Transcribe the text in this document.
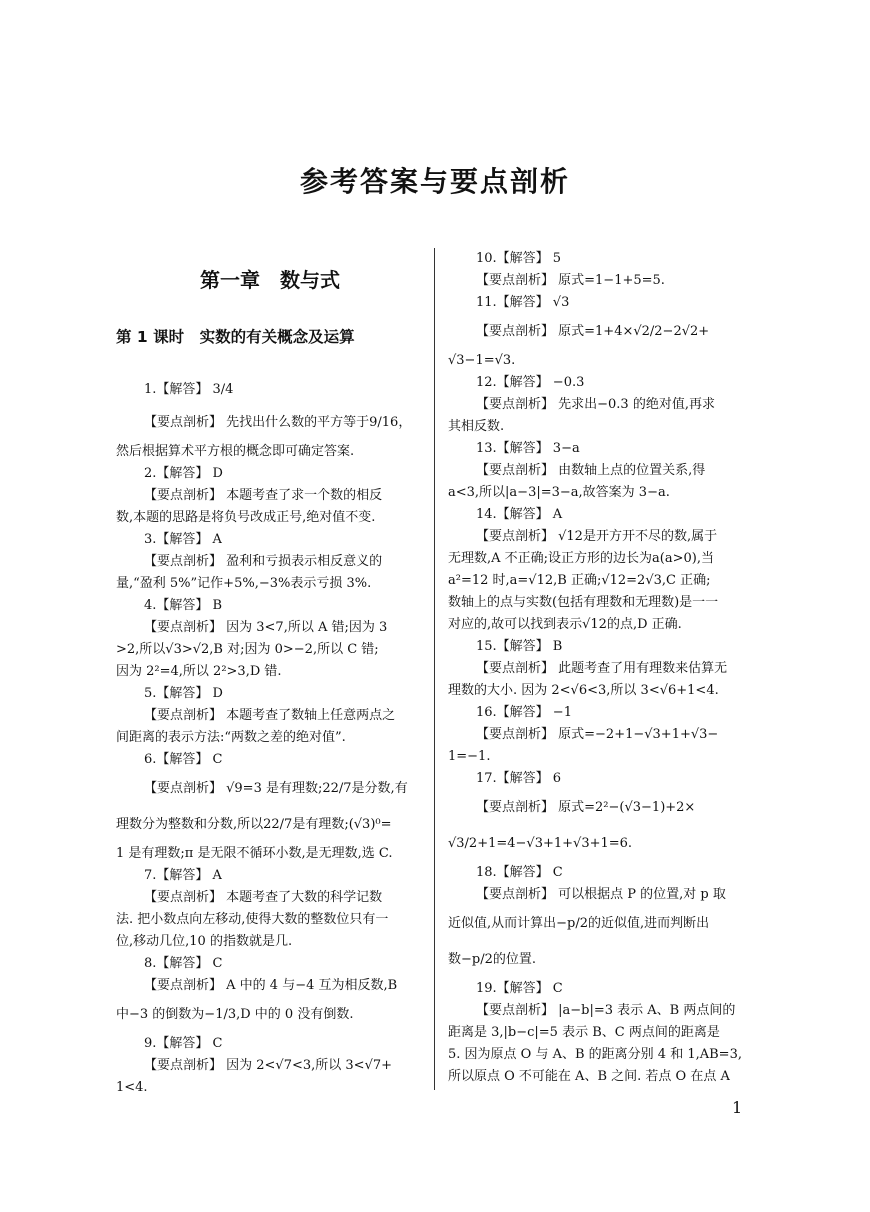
参考答案与要点剖析
第一章　数与式
第 1 课时　实数的有关概念及运算
1.【解答】 3/4
【要点剖析】 先找出什么数的平方等于9/16，
然后根据算术平方根的概念即可确定答案.
2.【解答】 D
【要点剖析】 本题考查了求一个数的相反
数,本题的思路是将负号改成正号,绝对值不变.
3.【解答】 A
【要点剖析】 盈利和亏损表示相反意义的
量,“盈利 5%”记作+5%,−3%表示亏损 3%.
4.【解答】 B
【要点剖析】 因为 3<7,所以 A 错;因为 3
>2,所以√3>√2,B 对;因为 0>−2,所以 C 错;
因为 2²=4,所以 2²>3,D 错.
5.【解答】 D
【要点剖析】 本题考查了数轴上任意两点之
间距离的表示方法:“两数之差的绝对值”.
6.【解答】 C
【要点剖析】 √9=3 是有理数;22/7是分数,有
理数分为整数和分数,所以22/7是有理数;(√3)⁰=
1 是有理数;π 是无限不循环小数,是无理数,选 C.
7.【解答】 A
【要点剖析】 本题考查了大数的科学记数
法. 把小数点向左移动,使得大数的整数位只有一
位,移动几位,10 的指数就是几.
8.【解答】 C
【要点剖析】 A 中的 4 与−4 互为相反数,B
中−3 的倒数为−1/3,D 中的 0 没有倒数.
9.【解答】 C
【要点剖析】 因为 2<√7<3,所以 3<√7+
1<4.
10.【解答】 5
【要点剖析】 原式=1−1+5=5.
11.【解答】 √3
【要点剖析】 原式=1+4×√2/2−2√2+
√3−1=√3.
12.【解答】 −0.3
【要点剖析】 先求出−0.3 的绝对值,再求
其相反数.
13.【解答】 3−a
【要点剖析】 由数轴上点的位置关系,得
a<3,所以|a−3|=3−a,故答案为 3−a.
14.【解答】 A
【要点剖析】 √12是开方开不尽的数,属于
无理数,A 不正确;设正方形的边长为a(a>0),当
a²=12 时,a=√12,B 正确;√12=2√3,C 正确;
数轴上的点与实数(包括有理数和无理数)是一一
对应的,故可以找到表示√12的点,D 正确.
15.【解答】 B
【要点剖析】 此题考查了用有理数来估算无
理数的大小. 因为 2<√6<3,所以 3<√6+1<4.
16.【解答】 −1
【要点剖析】 原式=−2+1−√3+1+√3−
1=−1.
17.【解答】 6
【要点剖析】 原式=2²−(√3−1)+2×
√3/2+1=4−√3+1+√3+1=6.
18.【解答】 C
【要点剖析】 可以根据点 P 的位置,对 p 取
近似值,从而计算出−p/2的近似值,进而判断出
数−p/2的位置.
19.【解答】 C
【要点剖析】 |a−b|=3 表示 A、B 两点间的
距离是 3,|b−c|=5 表示 B、C 两点间的距离是
5. 因为原点 O 与 A、B 的距离分别 4 和 1,AB=3,
所以原点 O 不可能在 A、B 之间. 若点 O 在点 A
1
